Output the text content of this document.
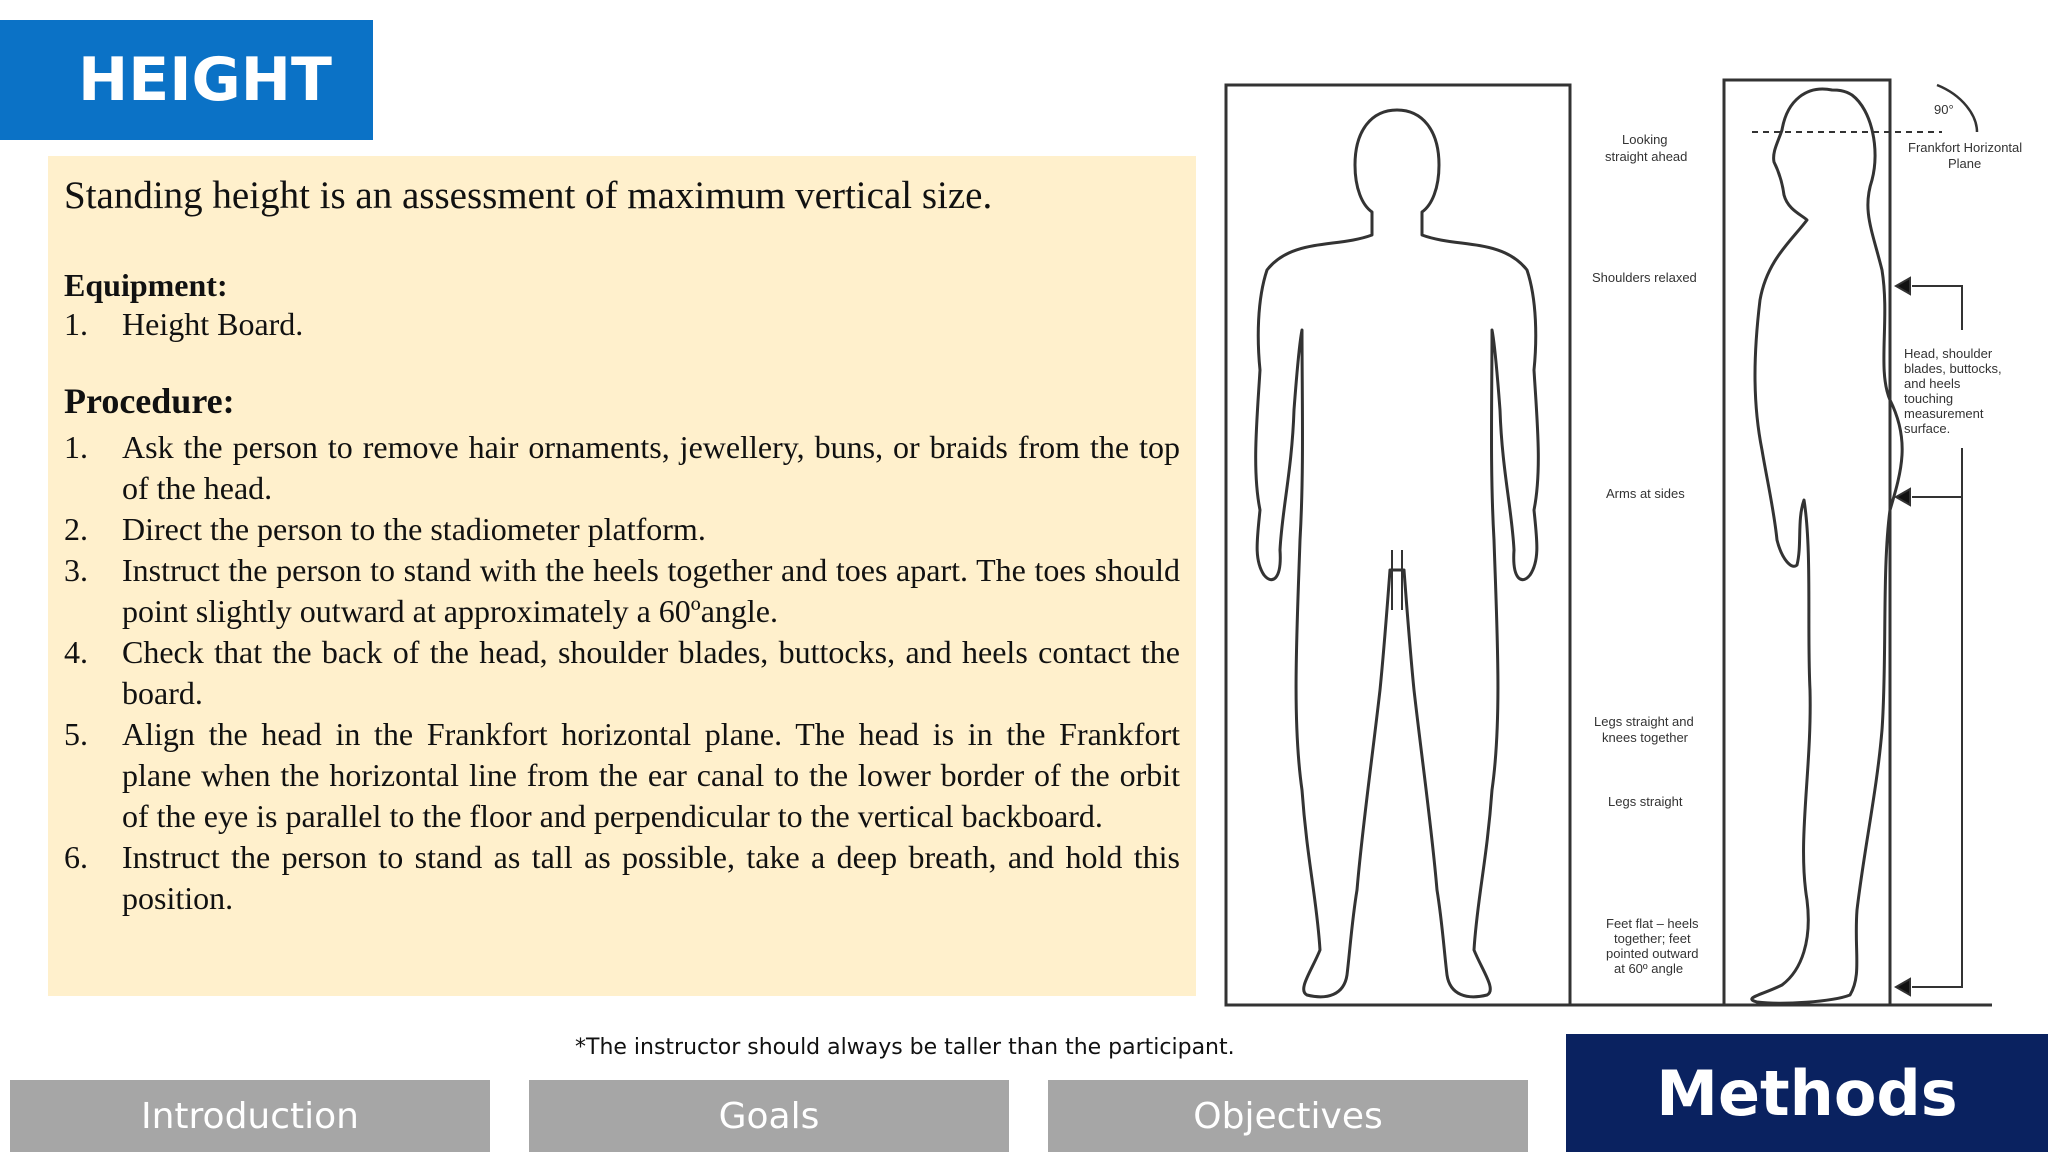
HEIGHT

Standing height is an assessment of maximum vertical size.

Equipment:

1. Height Board.

Procedure:

1. Ask the person to remove hair ornaments, jewellery, buns, or braids from the top of the head.
2. Direct the person to the stadiometer platform.
3. Instruct the person to stand with the heels together and toes apart. The toes should point slightly outward at approximately a 60ºangle.
4. Check that the back of the head, shoulder blades, buttocks, and heels contact the board.
5. Align the head in the Frankfort horizontal plane. The head is in the Frankfort plane when the horizontal line from the ear canal to the lower border of the orbit of the eye is parallel to the floor and perpendicular to the vertical backboard.
6. Instruct the person to stand as tall as possible, take a deep breath, and hold this position.
90°
Frankfort Horizontal
Plane
Looking
straight ahead
Shoulders relaxed
Arms at sides
Legs straight and
knees together
Legs straight
Feet flat – heels
together; feet
pointed outward
at 60º angle
Head, shoulder
blades, buttocks,
and heels
touching
measurement
surface.
*The instructor should always be taller than the participant.
Introduction	Goals	Objectives	Methods
